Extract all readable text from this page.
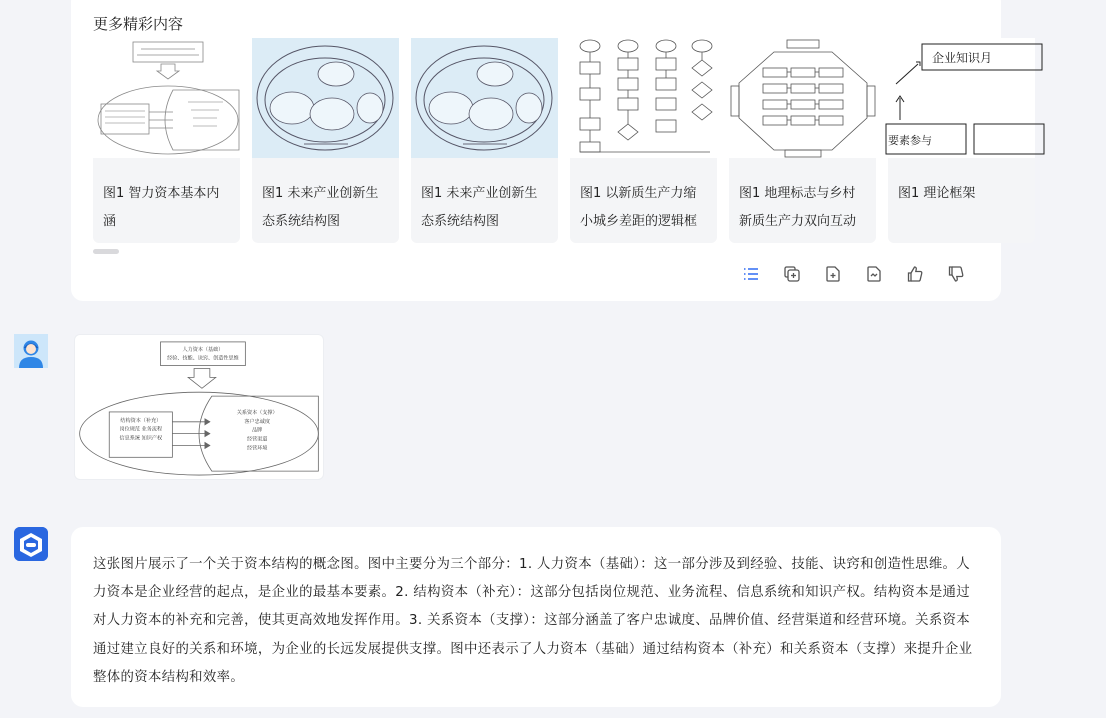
更多精彩内容
图1 智力资本基本内涵
图1 未来产业创新生态系统结构图
图1 未来产业创新生态系统结构图
图1 以新质生产力缩小城乡差距的逻辑框
图1 地理标志与乡村新质生产力双向互动
企业知识月
要素参与
图1 理论框架
人力资本（基础）
经验、技能、诀窍、创造性思维
结构资本（补充）
岗位规范 业务流程
信息系统 知识产权
关系资本（支撑）
客户忠诚度
品牌
经营渠道
经营环境
这张图片展示了一个关于资本结构的概念图。图中主要分为三个部分：1. 人力资本（基础）：这一部分涉及到经验、技能、诀窍和创造性思维。人力资本是企业经营的起点，是企业的最基本要素。2. 结构资本（补充）：这部分包括岗位规范、业务流程、信息系统和知识产权。结构资本是通过对人力资本的补充和完善，使其更高效地发挥作用。3. 关系资本（支撑）：这部分涵盖了客户忠诚度、品牌价值、经营渠道和经营环境。关系资本通过建立良好的关系和环境，为企业的长远发展提供支撑。图中还表示了人力资本（基础）通过结构资本（补充）和关系资本（支撑）来提升企业整体的资本结构和效率。
